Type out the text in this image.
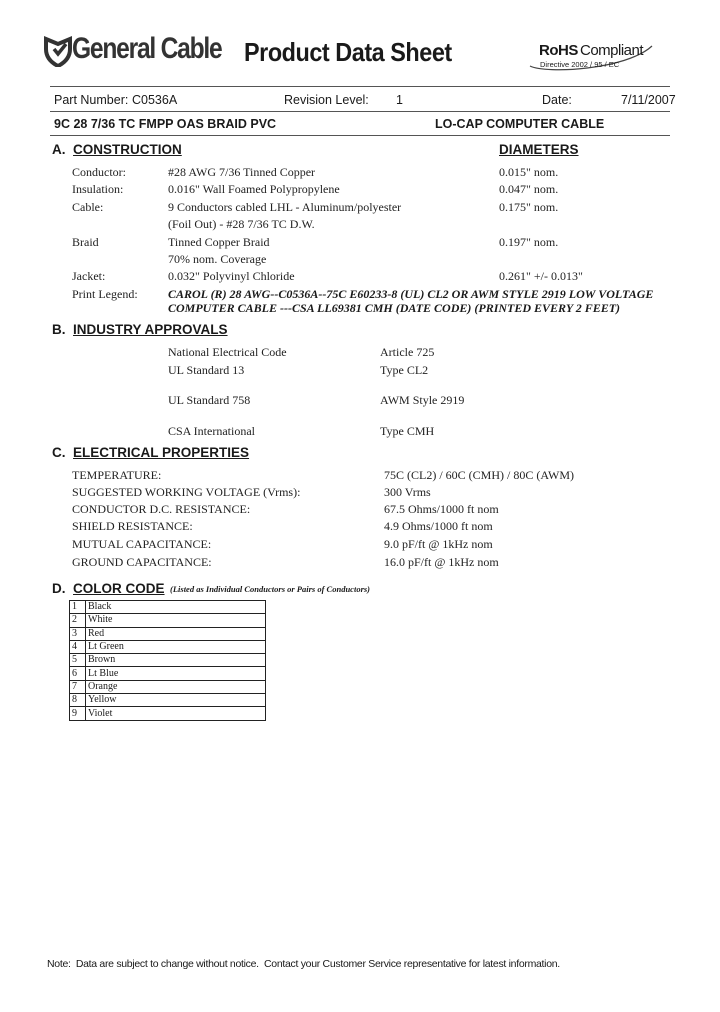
General Cable Product Data Sheet	RoHS Compliant
Directive 2002 / 95 / EC
Part Number: C0536A	Revision Level: 1	Date:	7/11/2007
9C 28 7/36 TC FMPP OAS BRAID PVC	LO-CAP COMPUTER CABLE
A.  CONSTRUCTION	DIAMETERS
Conductor:	#28 AWG 7/36 Tinned Copper	0.015" nom.
Insulation:	0.016" Wall Foamed Polypropylene	0.047" nom.
Cable:	9 Conductors cabled LHL - Aluminum/polyester	0.175" nom.
(Foil Out) - #28 7/36 TC D.W.
Braid	Tinned Copper Braid	0.197" nom.
70% nom. Coverage
Jacket:	0.032" Polyvinyl Chloride	0.261" +/- 0.013"
Print Legend:	CAROL (R) 28 AWG--C0536A--75C E60233-8 (UL) CL2 OR AWM STYLE 2919 LOW VOLTAGE
COMPUTER CABLE ---CSA LL69381 CMH (DATE CODE) (PRINTED EVERY 2 FEET)
B.  INDUSTRY APPROVALS
National Electrical Code	Article 725
UL Standard 13	Type CL2
UL Standard 758	AWM Style 2919
CSA International	Type CMH
C.  ELECTRICAL PROPERTIES
TEMPERATURE:	75C (CL2) / 60C (CMH) / 80C (AWM)
SUGGESTED WORKING VOLTAGE (Vrms):	300 Vrms
CONDUCTOR D.C. RESISTANCE:	67.5 Ohms/1000 ft nom
SHIELD RESISTANCE:	4.9 Ohms/1000 ft nom
MUTUAL CAPACITANCE:	9.0 pF/ft @ 1kHz nom
GROUND CAPACITANCE:	16.0 pF/ft @ 1kHz nom
D.  COLOR CODE (Listed as Individual Conductors or Pairs of Conductors)
1	Black
2	White
3	Red
4	Lt Green
5	Brown
6	Lt Blue
7	Orange
8	Yellow
9	Violet
Note:  Data are subject to change without notice.  Contact your Customer Service representative for latest information.
